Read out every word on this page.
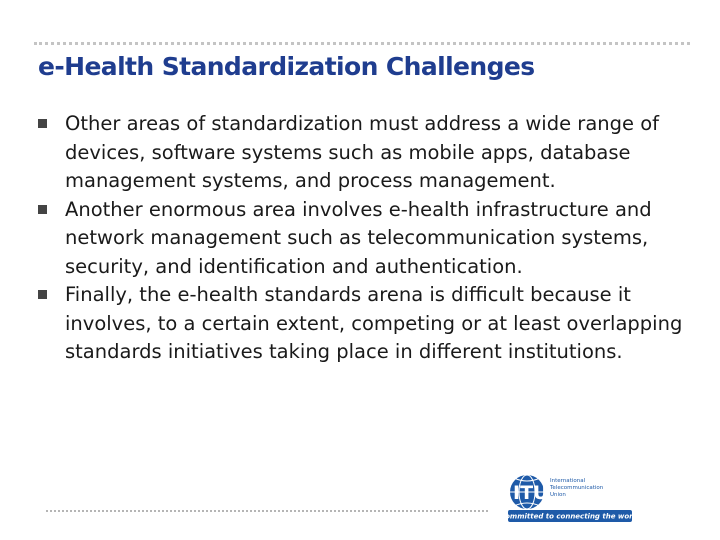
e-Health Standardization Challenges
Other areas of standardization must address a wide range of devices, software systems such as mobile apps, database management systems, and process management.
Another enormous area involves e-health infrastructure and network management such as telecommunication systems, security, and identification and authentication.
Finally, the e-health standards arena is difficult because it involves, to a certain extent, competing or at least overlapping standards initiatives taking place in different institutions.
ITU
International
Telecommunication
Union
Committed to connecting the world
